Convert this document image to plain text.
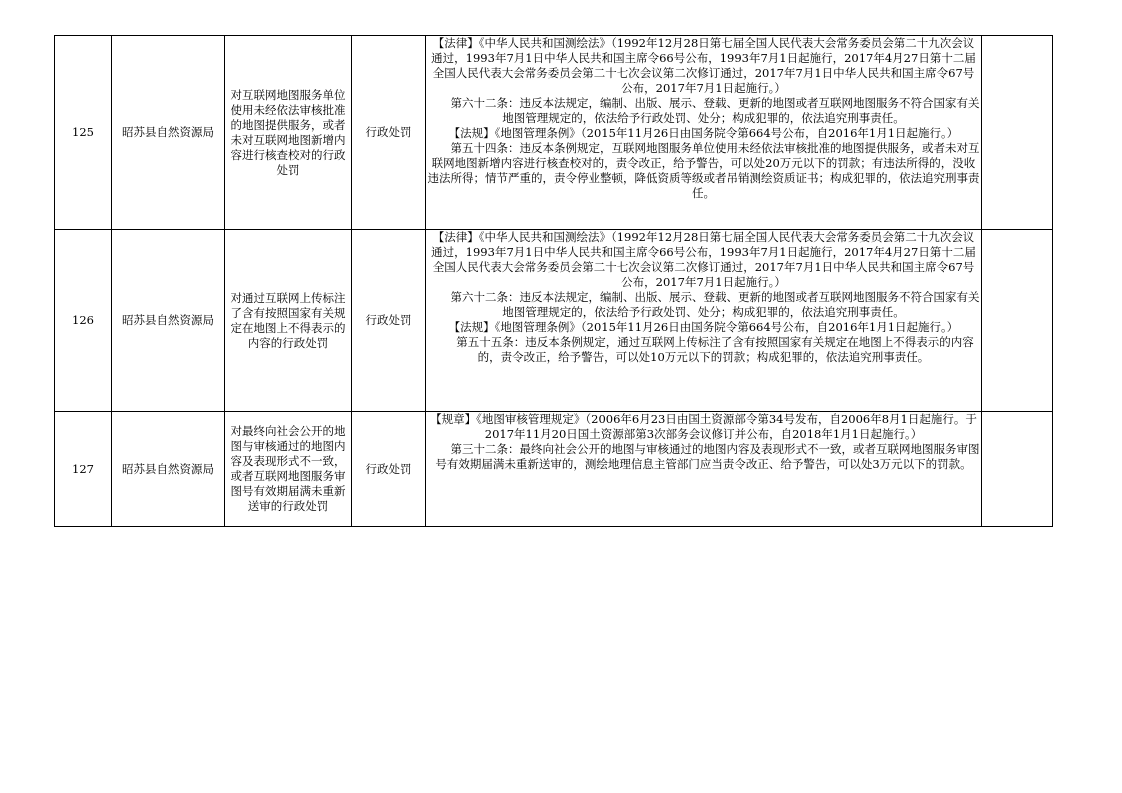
125	昭苏县自然资源局	对互联网地图服务单位使用未经依法审核批准的地图提供服务，或者未对互联网地图新增内容进行核查校对的行政处罚	行政处罚	【法律】《中华人民共和国测绘法》（1992年12月28日第七届全国人民代表大会常务委员会第二十九次会议通过，1993年7月1日中华人民共和国主席令66号公布，1993年7月1日起施行，2017年4月27日第十二届全国人民代表大会常务委员会第二十七次会议第二次修订通过，2017年7月1日中华人民共和国主席令67号公布，2017年7月1日起施行。）

第六十二条：违反本法规定，编制、出版、展示、登载、更新的地图或者互联网地图服务不符合国家有关地图管理规定的，依法给予行政处罚、处分；构成犯罪的，依法追究刑事责任。

【法规】《地图管理条例》（2015年11月26日由国务院令第664号公布，自2016年1月1日起施行。）

第五十四条：违反本条例规定，互联网地图服务单位使用未经依法审核批准的地图提供服务，或者未对互联网地图新增内容进行核查校对的，责令改正，给予警告，可以处20万元以下的罚款；有违法所得的，没收违法所得；情节严重的，责令停业整顿，降低资质等级或者吊销测绘资质证书；构成犯罪的，依法追究刑事责任。	

126	昭苏县自然资源局	对通过互联网上传标注了含有按照国家有关规定在地图上不得表示的内容的行政处罚	行政处罚	【法律】《中华人民共和国测绘法》（1992年12月28日第七届全国人民代表大会常务委员会第二十九次会议通过，1993年7月1日中华人民共和国主席令66号公布，1993年7月1日起施行，2017年4月27日第十二届全国人民代表大会常务委员会第二十七次会议第二次修订通过，2017年7月1日中华人民共和国主席令67号公布，2017年7月1日起施行。）

第六十二条：违反本法规定，编制、出版、展示、登载、更新的地图或者互联网地图服务不符合国家有关地图管理规定的，依法给予行政处罚、处分；构成犯罪的，依法追究刑事责任。

【法规】《地图管理条例》（2015年11月26日由国务院令第664号公布，自2016年1月1日起施行。）

第五十五条：违反本条例规定，通过互联网上传标注了含有按照国家有关规定在地图上不得表示的内容的，责令改正，给予警告，可以处10万元以下的罚款；构成犯罪的，依法追究刑事责任。	

127	昭苏县自然资源局	对最终向社会公开的地图与审核通过的地图内容及表现形式不一致，或者互联网地图服务审图号有效期届满未重新送审的行政处罚	行政处罚	【规章】《地图审核管理规定》（2006年6月23日由国土资源部令第34号发布，自2006年8月1日起施行。于2017年11月20日国土资源部第3次部务会议修订并公布，自2018年1月1日起施行。）

第三十二条：最终向社会公开的地图与审核通过的地图内容及表现形式不一致，或者互联网地图服务审图号有效期届满未重新送审的，测绘地理信息主管部门应当责令改正、给予警告，可以处3万元以下的罚款。	
